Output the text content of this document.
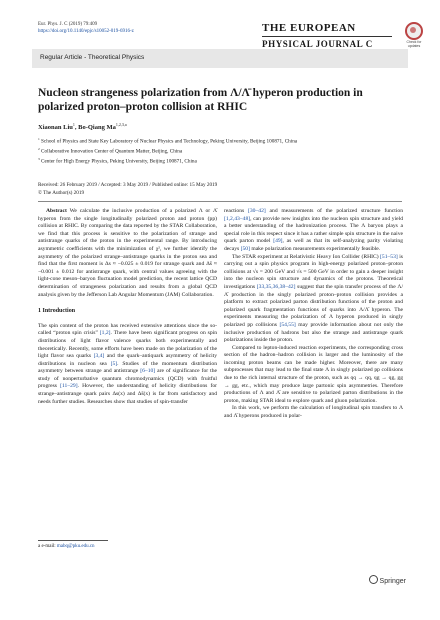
Eur. Phys. J. C (2019) 79:409
https://doi.org/10.1140/epjc/s10052-019-6916-z	THE EUROPEAN
PHYSICAL JOURNAL C	Check for
updates
Regular Article - Theoretical Physics
Nucleon strangeness polarization from Λ/Λ̄ hyperon production in polarized proton–proton collision at RHIC
Xiaonan Liu$^1$, Bo-Qiang Ma$^{1,2,3,a}$
$^1$ School of Physics and State Key Laboratory of Nuclear Physics and Technology, Peking University, Beijing 100871, China
$^2$ Collaborative Innovation Center of Quantum Matter, Beijing, China
$^3$ Center for High Energy Physics, Peking University, Beijing 100871, China
Received: 26 February 2019 / Accepted: 3 May 2019 / Published online: 15 May 2019
© The Author(s) 2019

Abstract We calculate the inclusive production of a polarized Λ or Λ̄ hyperon from the single longitudinally polarized proton and proton (pp) collision at RHIC. By comparing the data reported by the STAR Collaboration, we find that this process is sensitive to the polarization of strange and antistrange quarks of the proton in the experimental range. By introducing asymmetric coefficients with the minimization of χ², we further identify the asymmetry of the polarized strange–antistrange quarks in the proton sea and find that the first moment is Δs ≈ −0.025 ± 0.019 for strange quark and Δs̄ ≈ −0.001 ± 0.012 for antistrange quark, with central values agreeing with the light-cone meson–baryon fluctuation model prediction, the recent lattice QCD determination of strangeness polarization and results from a global QCD analysis given by the Jefferson Lab Angular Momentum (JAM) Collaboration.

1 Introduction

The spin content of the proton has received extensive attentions since the so-called “proton spin crisis” [1,2]. There have been significant progress on spin distributions of light flavor valence quarks both experimentally and theoretically. Recently, some efforts have been made on the polarization of the light flavor sea quarks [3,4] and the quark–antiquark asymmetry of helicity distributions in nucleon sea [5]. Studies of the momentum distribution asymmetry between strange and antistrange [6–10] are of significance for the study of nonperturbative quantum chromodynamics (QCD) with fruitful progress [11–29]. However, the understanding of helicity distributions for strange–antistrange quark pairs Δs(x) and Δs̄(x) is far from satisfactory and needs further studies. Researches show that studies of spin-transfer

reactions [30–42] and measurements of the polarized structure function [1,2,43–48], can provide new insights into the nucleon spin structure and yield a better understanding of the hadronization process. The Λ baryon plays a special role in this respect since it has a rather simple spin structure in the naive quark parton model [49], as well as that its self-analyzing parity violating decays [50] make polarization measurements experimentally feasible.

The STAR experiment at Relativistic Heavy Ion Collider (RHIC) [51–53] is carrying out a spin physics program in high-energy polarized proton–proton collisions at √s = 200 GeV and √s = 500 GeV in order to gain a deeper insight into the nucleon spin structure and dynamics of the protons. Theoretical investigations [33,35,36,38–42] suggest that the spin transfer process of the Λ/Λ̄ production in the singly polarized proton–proton collision provides a platform to extract polarized parton distribution functions of the proton and polarized quark fragmentation functions of quarks into Λ/Λ̄ hyperon. The experiments measuring the polarization of Λ hyperon produced in singly polarized pp collisions [54,55] may provide information about not only the inclusive production of hadrons but also the strange and antistrange quark polarizations inside the proton.

Compared to lepton-induced reaction experiments, the corresponding cross section of the hadron–hadron collision is larger and the luminosity of the incoming proton beams can be made higher. Moreover, there are many subprocesses that may lead to the final state Λ in singly polarized pp collisions due to the rich internal structure of the proton, such as qq → qq, qg → qg, gg → gg, etc., which may produce large partonic spin asymmetries. Therefore productions of Λ and Λ̄ are sensitive to polarized parton distributions in the proton, making STAR ideal to explore quark and gluon polarization.

In this work, we perform the calculation of longitudinal spin transfers to Λ and Λ̄ hyperons produced in polar-

a e-mail: mabq@pku.edu.cn
Springer
